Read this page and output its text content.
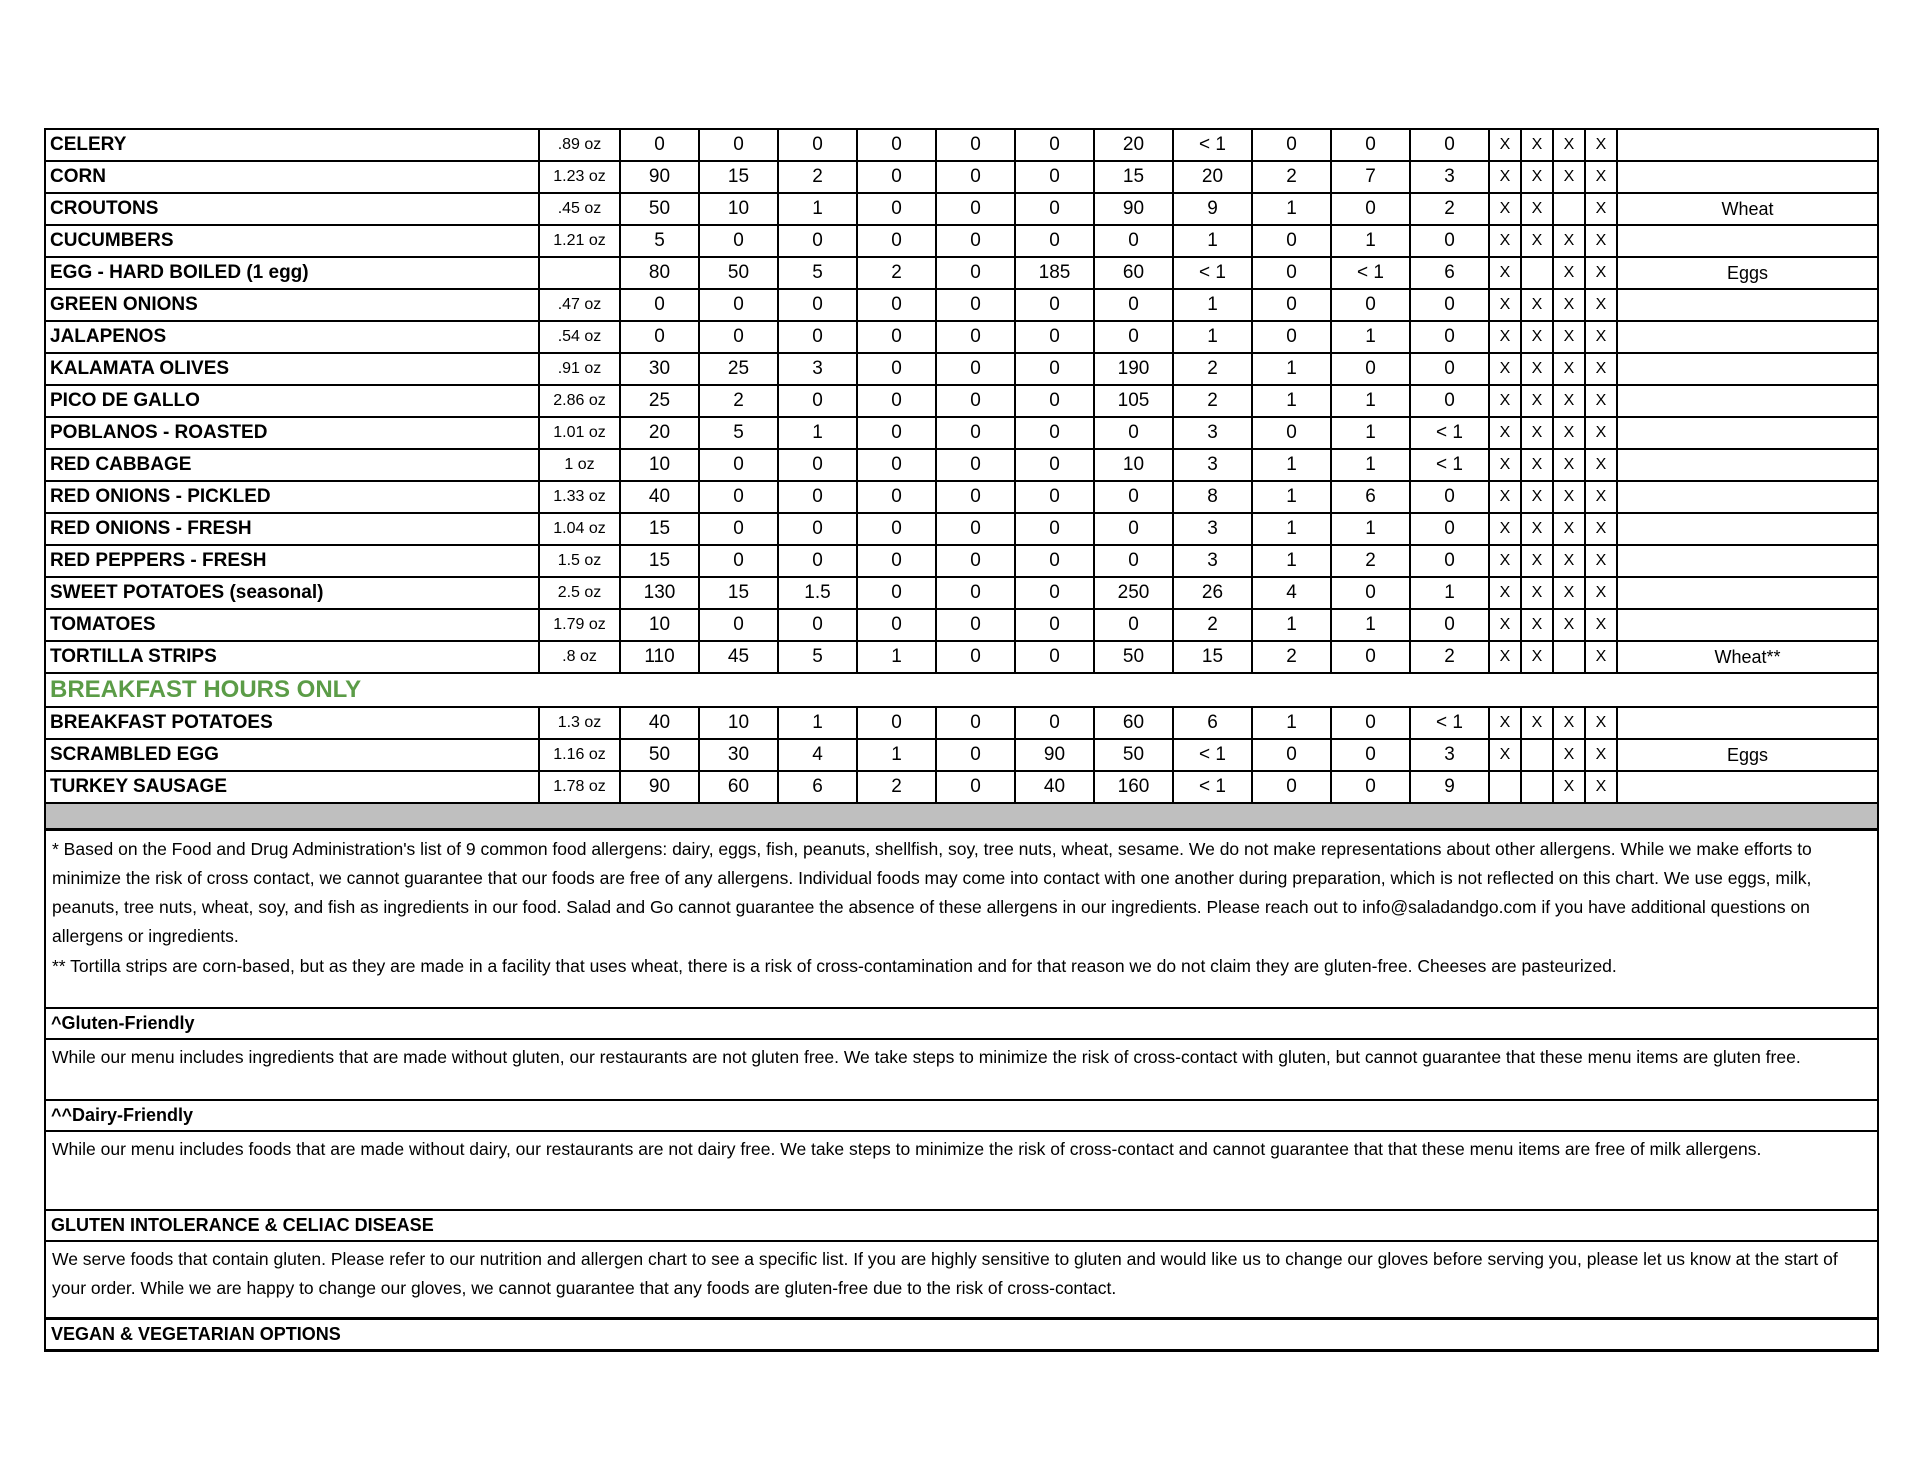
CELERY	.89 oz	0	0	0	0	0	0	20	< 1	0	0	0	X	X	X	X	
CORN	1.23 oz	90	15	2	0	0	0	15	20	2	7	3	X	X	X	X	
CROUTONS	.45 oz	50	10	1	0	0	0	90	9	1	0	2	X	X		X	Wheat
CUCUMBERS	1.21 oz	5	0	0	0	0	0	0	1	0	1	0	X	X	X	X	
EGG - HARD BOILED (1 egg)		80	50	5	2	0	185	60	< 1	0	< 1	6	X		X	X	Eggs
GREEN ONIONS	.47 oz	0	0	0	0	0	0	0	1	0	0	0	X	X	X	X	
JALAPENOS	.54 oz	0	0	0	0	0	0	0	1	0	1	0	X	X	X	X	
KALAMATA OLIVES	.91 oz	30	25	3	0	0	0	190	2	1	0	0	X	X	X	X	
PICO DE GALLO	2.86 oz	25	2	0	0	0	0	105	2	1	1	0	X	X	X	X	
POBLANOS - ROASTED	1.01 oz	20	5	1	0	0	0	0	3	0	1	< 1	X	X	X	X	
RED CABBAGE	1 oz	10	0	0	0	0	0	10	3	1	1	< 1	X	X	X	X	
RED ONIONS - PICKLED	1.33 oz	40	0	0	0	0	0	0	8	1	6	0	X	X	X	X	
RED ONIONS - FRESH	1.04 oz	15	0	0	0	0	0	0	3	1	1	0	X	X	X	X	
RED PEPPERS - FRESH	1.5 oz	15	0	0	0	0	0	0	3	1	2	0	X	X	X	X	
SWEET POTATOES (seasonal)	2.5 oz	130	15	1.5	0	0	0	250	26	4	0	1	X	X	X	X	
TOMATOES	1.79 oz	10	0	0	0	0	0	0	2	1	1	0	X	X	X	X	
TORTILLA STRIPS	.8 oz	110	45	5	1	0	0	50	15	2	0	2	X	X		X	Wheat**
BREAKFAST HOURS ONLY																	
BREAKFAST POTATOES	1.3 oz	40	10	1	0	0	0	60	6	1	0	< 1	X	X	X	X	
SCRAMBLED EGG	1.16 oz	50	30	4	1	0	90	50	< 1	0	0	3	X		X	X	Eggs
TURKEY SAUSAGE	1.78 oz	90	60	6	2	0	40	160	< 1	0	0	9			X	X	

* Based on the Food and Drug Administration's list of 9 common food allergens: dairy, eggs, fish, peanuts, shellfish, soy, tree nuts, wheat, sesame. We do not make representations about other allergens. While we make efforts to minimize the risk of cross contact, we cannot guarantee that our foods are free of any allergens. Individual foods may come into contact with one another during preparation, which is not reflected on this chart. We use eggs, milk, peanuts, tree nuts, wheat, soy, and fish as ingredients in our food. Salad and Go cannot guarantee the absence of these allergens in our ingredients. Please reach out to info@saladandgo.com if you have additional questions on allergens or ingredients.
** Tortilla strips are corn-based, but as they are made in a facility that uses wheat, there is a risk of cross-contamination and for that reason we do not claim they are gluten-free. Cheeses are pasteurized.																	

^Gluten-Friendly																	
While our menu includes ingredients that are made without gluten, our restaurants are not gluten free. We take steps to minimize the risk of cross-contact with gluten, but cannot guarantee that these menu items are gluten free.																	
^^Dairy-Friendly																	
While our menu includes foods that are made without dairy, our restaurants are not dairy free. We take steps to minimize the risk of cross-contact and cannot guarantee that that these menu items are free of milk allergens.																	
GLUTEN INTOLERANCE & CELIAC DISEASE																	
We serve foods that contain gluten. Please refer to our nutrition and allergen chart to see a specific list. If you are highly sensitive to gluten and would like us to change our gloves before serving you, please let us know at the start of your order. While we are happy to change our gloves, we cannot guarantee that any foods are gluten-free due to the risk of cross-contact.																	
VEGAN & VEGETARIAN OPTIONS																	
